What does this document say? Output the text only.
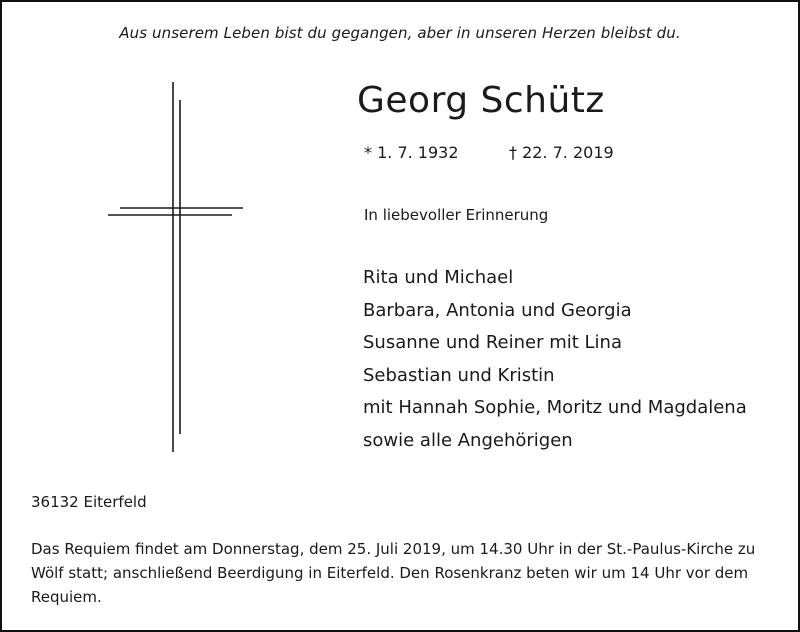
Aus unserem Leben bist du gegangen, aber in unseren Herzen bleibst du.
Georg Schütz
* 1. 7. 1932	† 22. 7. 2019
In liebevoller Erinnerung
Rita und Michael
Barbara, Antonia und Georgia
Susanne und Reiner mit Lina
Sebastian und Kristin
mit Hannah Sophie, Moritz und Magdalena
sowie alle Angehörigen
36132 Eiterfeld

Das Requiem findet am Donnerstag, dem 25. Juli 2019, um 14.30 Uhr in der St.-Paulus-Kirche zu Wölf statt; anschließend Beerdigung in Eiterfeld. Den Rosenkranz beten wir um 14 Uhr vor dem Requiem.
